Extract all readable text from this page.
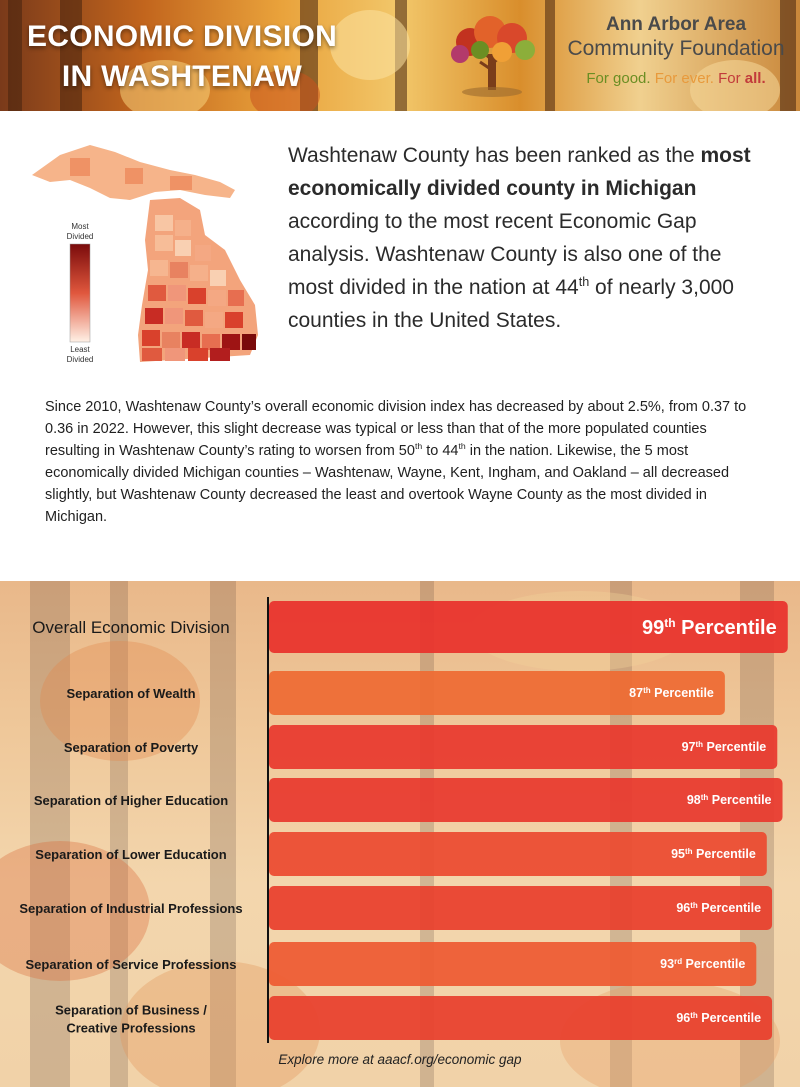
ECONOMIC DIVISION
IN WASHTENAW
Ann Arbor Area
Community Foundation
For good. For ever. For all.
Most
Divided
Least
Divided
Washtenaw County has been ranked as the most economically divided county in Michigan according to the most recent Economic Gap analysis. Washtenaw County is also one of the most divided in the nation at 44th of nearly 3,000 counties in the United States.
Since 2010, Washtenaw County’s overall economic division index has decreased by about 2.5%, from 0.37 to 0.36 in 2022. However, this slight decrease was typical or less than that of the more populated counties resulting in Washtenaw County’s rating to worsen from 50th to 44th in the nation. Likewise, the 5 most economically divided Michigan counties – Washtenaw, Wayne, Kent, Ingham, and Oakland – all decreased slightly, but Washtenaw County decreased the least and overtook Wayne County as the most divided in Michigan.
99th Percentile
Overall Economic Division
87th Percentile
Separation of Wealth
97th Percentile
Separation of Poverty
98th Percentile
Separation of Higher Education
95th Percentile
Separation of Lower Education
96th Percentile
Separation of Industrial Professions
93rd Percentile
Separation of Service Professions
96th Percentile
Separation of Business / Creative Professions
Explore more at aaacf.org/economic gap
